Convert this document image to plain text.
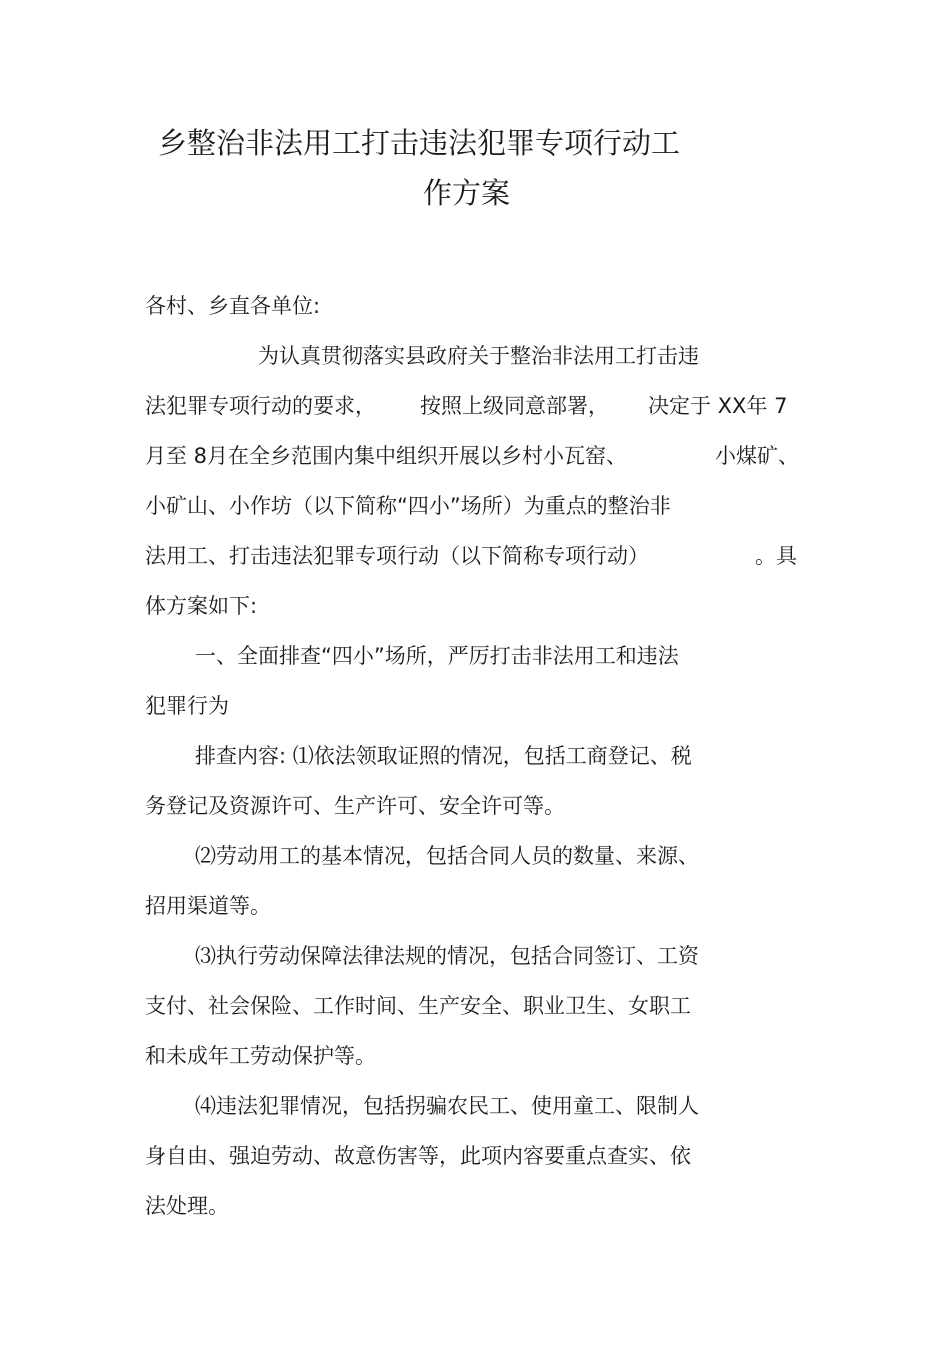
乡整治非法用工打击违法犯罪专项行动工
作方案
各村、乡直各单位:
为认真贯彻落实县政府关于整治非法用工打击违
法犯罪专项行动的要求， 按照上级同意部署， 决定于 XX年 7
月至 8月在全乡范围内集中组织开展以乡村小瓦窑、	小煤矿、
小矿山、小作坊（以下简称“四小”场所）为重点的整治非
法用工、打击违法犯罪专项行动（以下简称专项行动）	。具
体方案如下:
一、全面排查“四小”场所，严厉打击非法用工和违法
犯罪行为
排查内容: ⑴依法领取证照的情况，包括工商登记、税
务登记及资源许可、生产许可、安全许可等。
⑵劳动用工的基本情况，包括合同人员的数量、来源、
招用渠道等。
⑶执行劳动保障法律法规的情况，包括合同签订、工资
支付、社会保险、工作时间、生产安全、职业卫生、女职工
和未成年工劳动保护等。
⑷违法犯罪情况，包括拐骗农民工、使用童工、限制人
身自由、强迫劳动、故意伤害等，此项内容要重点查实、依
法处理。
